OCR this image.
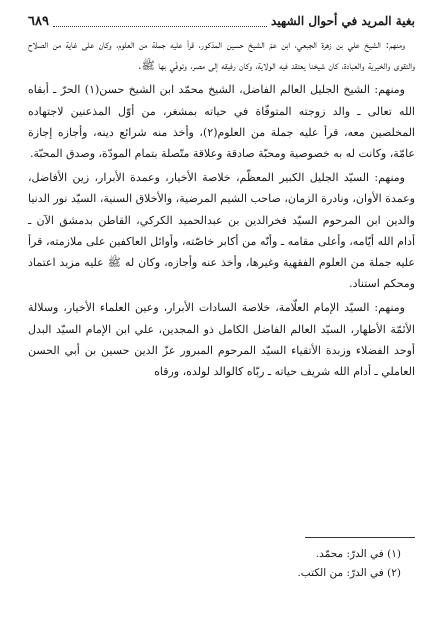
بغية المريد في أحوال الشهيد
٦٨٩

ومنهم: الشيخ علي بن زهرة الجبعي، ابن عمّ الشيخ حسين المذكور، قرأ عليه جملة من العلوم، وكان على غاية من الصلاح والتقوى والخيرية والعبادة، كان شيخنا يعتقد فيه الولاية، وكان رفيقه إلى مصر، وتوفّي بها ﷺ.

ومنهم: الشيخ الجليل العالم الفاضل، الشيخ محمّد ابن الشيخ حسن(١) الحرّ ـ أبقاه الله تعالى ـ والد زوجته المتوفّاة في حياته بمشغر، من أوّل المذعنين لاجتهاده المخلصين معه، قرأ عليه جملة من العلوم(٢)، وأخذ منه شرائع دينه، وأجازه إجازة عامّة، وكانت له به خصوصية ومحبّة صادقة وعلاقة متّصلة بتمام المودّة، وصدق المحبّة.

ومنهم: السيّد الجليل الكبير المعظّم، خلاصة الأخيار، وعمدة الأبرار، زين الأفاضل، وعمدة الأوان، ونادرة الزمان، صاحب الشيم المرضية، والأخلاق السنية، السيّد نور الدنيا والدين ابن المرحوم السيّد فخرالدين بن عبدالحميد الكركي، القاطن بدمشق الآن ـ أدام الله أيّامه، وأعلى مقامه ـ وأنّه من أكابر خاصّته، وأوائل العاكفين على ملازمته، قرأ عليه جملة من العلوم الفقهية وغيرها، وأخذ عنه وأجازه، وكان له ﷺ عليه مزيد اعتماد ومحكم استناد.

ومنهم: السيّد الإمام العلّامة، خلاصة السادات الأبرار، وعين العلماء الأخيار، وسلالة الأئمّة الأطهار، السيّد العالم الفاضل الكامل ذو المجدين، علي ابن الإمام السيّد البدل أوحد الفضلاء وزبدة الأتقياء السيّد المرحوم المبرور عزّ الدين حسين بن أبي الحسن العاملي ـ أدام الله شريف حياته ـ ربّاه كالوالد لولده، ورقاه

(١) في الدرّ: محمّد.

(٢) في الدرّ: من الكتب.
